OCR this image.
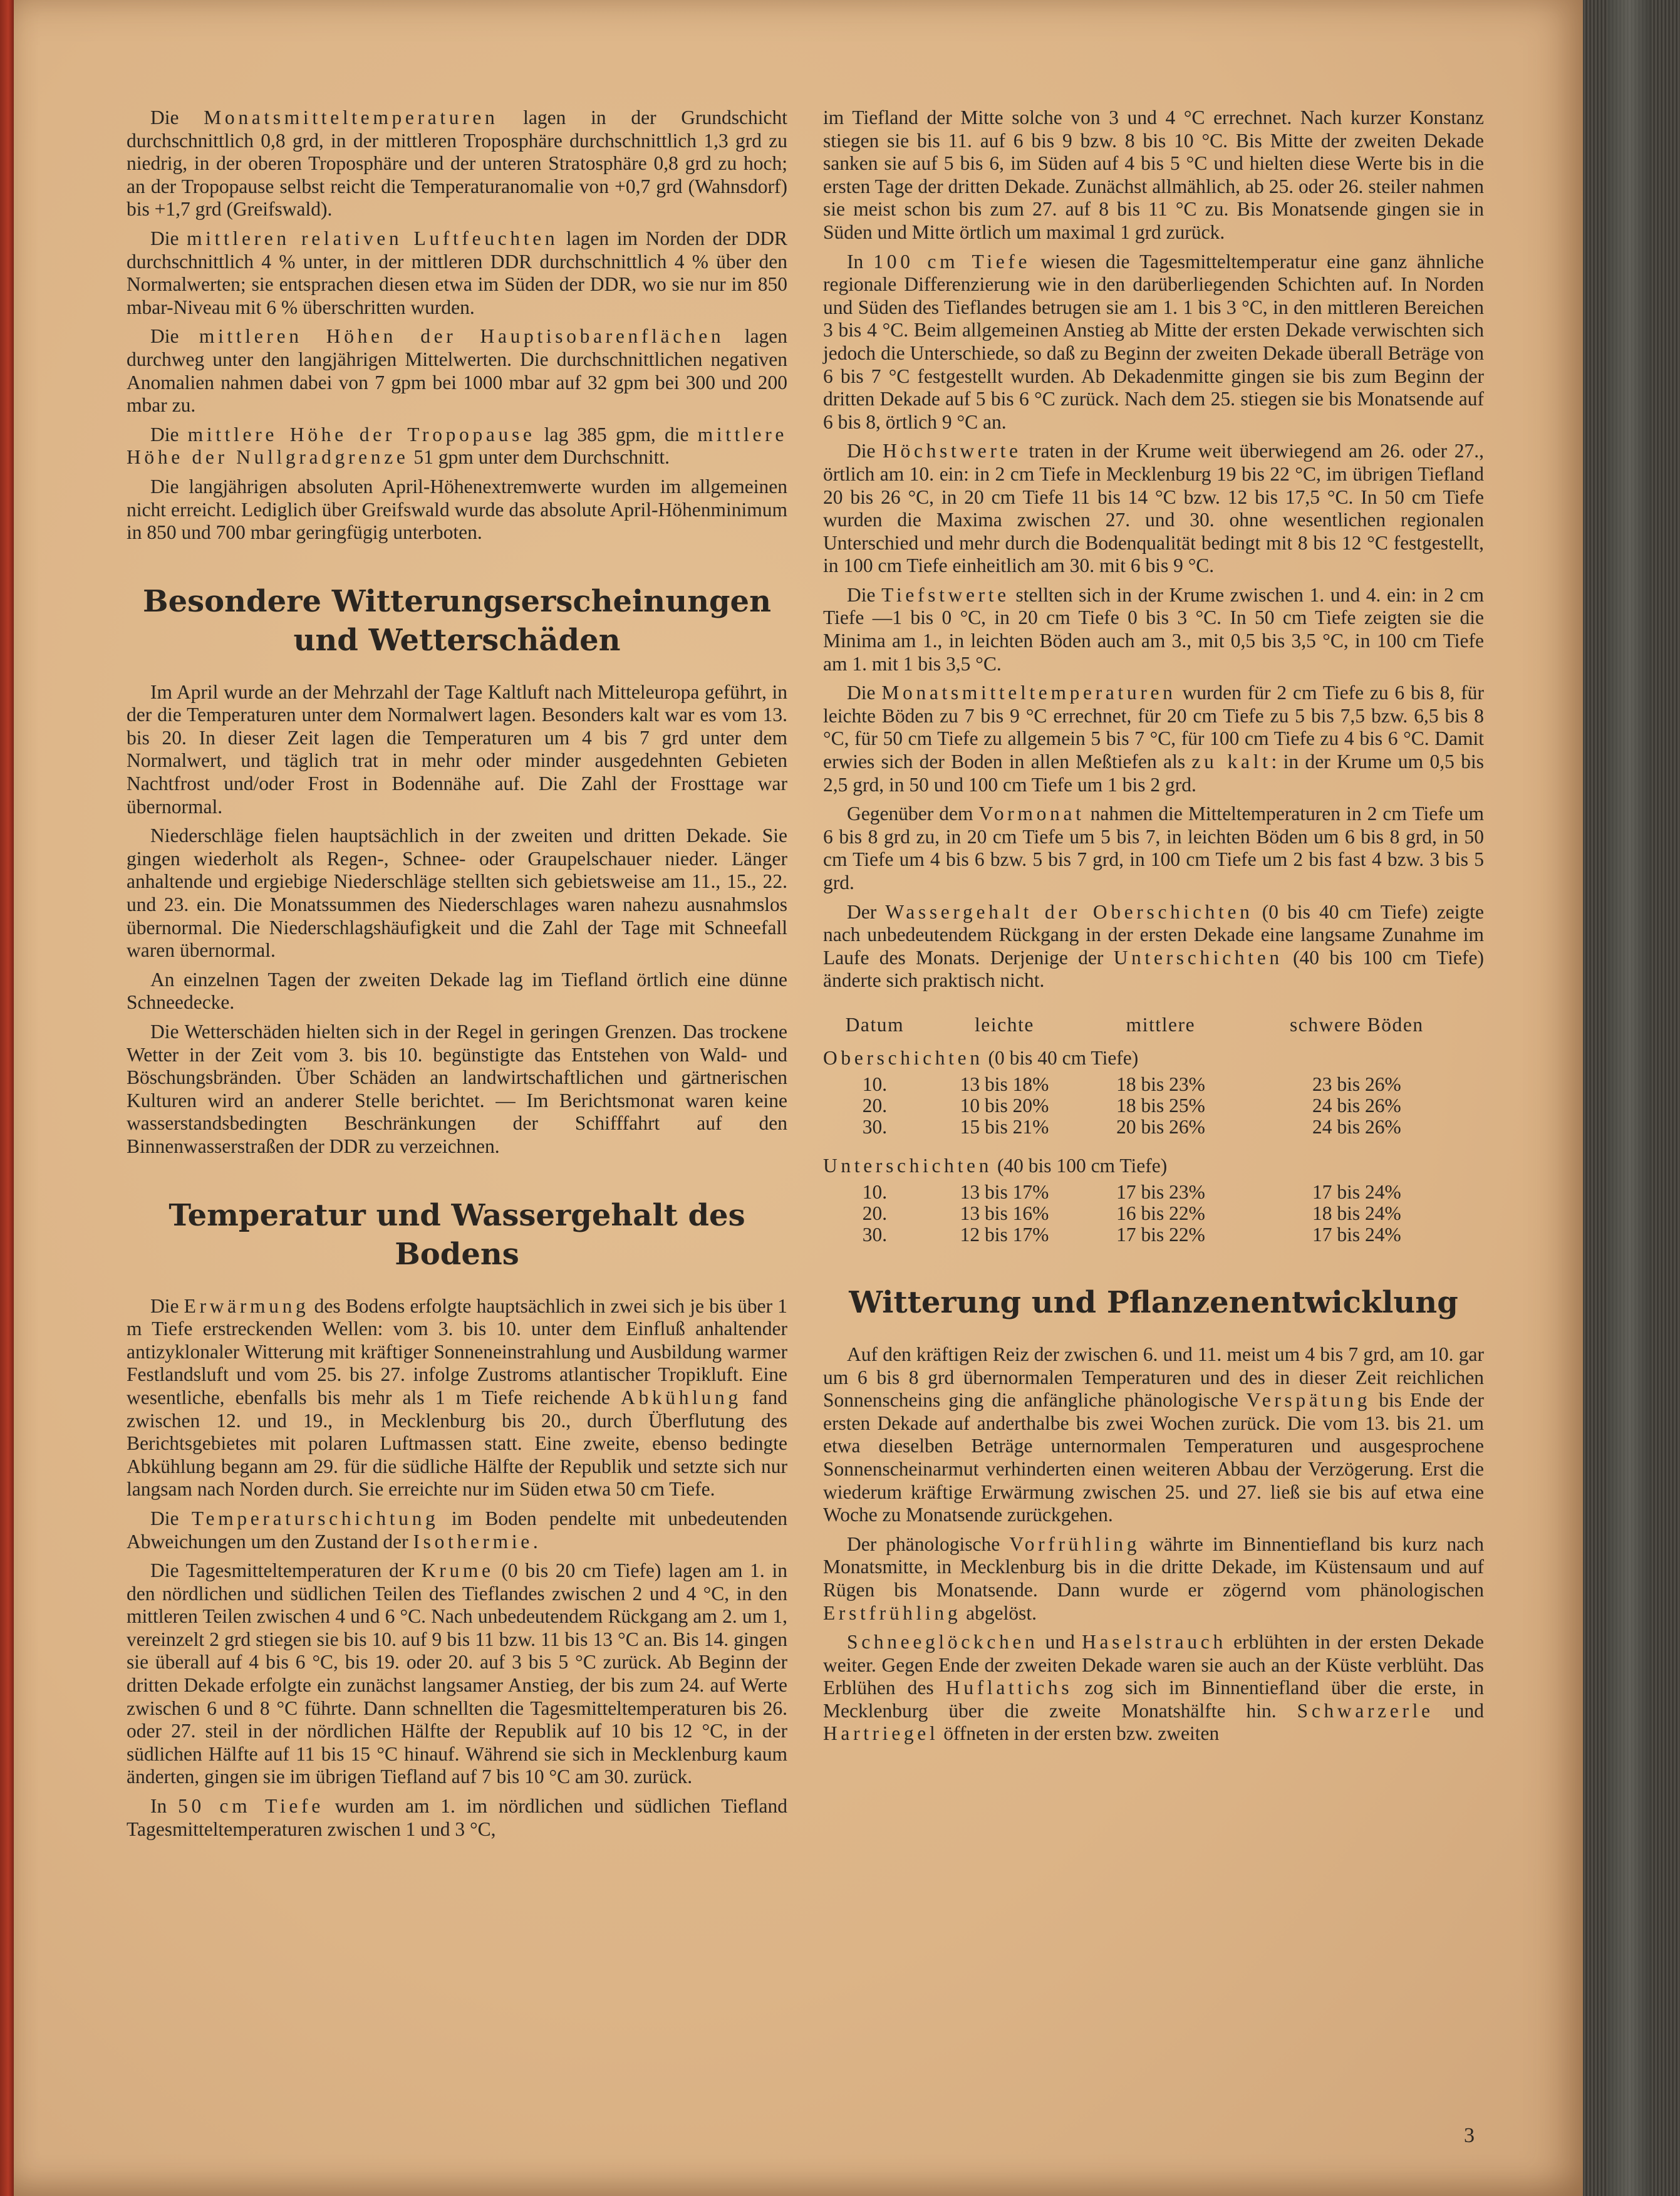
Die Monatsmitteltemperaturen lagen in der Grundschicht durchschnittlich 0,8 grd, in der mittleren Troposphäre durchschnittlich 1,3 grd zu niedrig, in der oberen Troposphäre und der unteren Stratosphäre 0,8 grd zu hoch; an der Tropopause selbst reicht die Temperaturanomalie von +0,7 grd (Wahnsdorf) bis +1,7 grd (Greifswald).

Die mittleren relativen Luftfeuchten lagen im Norden der DDR durchschnittlich 4 % unter, in der mittleren DDR durchschnittlich 4 % über den Normalwerten; sie entsprachen diesen etwa im Süden der DDR, wo sie nur im 850 mbar-Niveau mit 6 % überschritten wurden.

Die mittleren Höhen der Hauptisobarenflächen lagen durchweg unter den langjährigen Mittelwerten. Die durchschnittlichen negativen Anomalien nahmen dabei von 7 gpm bei 1000 mbar auf 32 gpm bei 300 und 200 mbar zu.

Die mittlere Höhe der Tropopause lag 385 gpm, die mittlere Höhe der Nullgradgrenze 51 gpm unter dem Durchschnitt.

Die langjährigen absoluten April-Höhenextremwerte wurden im allgemeinen nicht erreicht. Lediglich über Greifswald wurde das absolute April-Höhenminimum in 850 und 700 mbar geringfügig unterboten.

Besondere Witterungserscheinungen und Wetterschäden

Im April wurde an der Mehrzahl der Tage Kaltluft nach Mitteleuropa geführt, in der die Temperaturen unter dem Normalwert lagen. Besonders kalt war es vom 13. bis 20. In dieser Zeit lagen die Temperaturen um 4 bis 7 grd unter dem Normalwert, und täglich trat in mehr oder minder ausgedehnten Gebieten Nachtfrost und/oder Frost in Bodennähe auf. Die Zahl der Frosttage war übernormal.

Niederschläge fielen hauptsächlich in der zweiten und dritten Dekade. Sie gingen wiederholt als Regen-, Schnee- oder Graupelschauer nieder. Länger anhaltende und ergiebige Niederschläge stellten sich gebietsweise am 11., 15., 22. und 23. ein. Die Monatssummen des Niederschlages waren nahezu ausnahmslos übernormal. Die Niederschlagshäufigkeit und die Zahl der Tage mit Schneefall waren übernormal.

An einzelnen Tagen der zweiten Dekade lag im Tiefland örtlich eine dünne Schneedecke.

Die Wetterschäden hielten sich in der Regel in geringen Grenzen. Das trockene Wetter in der Zeit vom 3. bis 10. begünstigte das Entstehen von Wald- und Böschungsbränden. Über Schäden an landwirtschaftlichen und gärtnerischen Kulturen wird an anderer Stelle berichtet. — Im Berichtsmonat waren keine wasserstandsbedingten Beschränkungen der Schifffahrt auf den Binnenwasserstraßen der DDR zu verzeichnen.

Temperatur und Wassergehalt des Bodens

Die Erwärmung des Bodens erfolgte hauptsächlich in zwei sich je bis über 1 m Tiefe erstreckenden Wellen: vom 3. bis 10. unter dem Einfluß anhaltender antizyklonaler Witterung mit kräftiger Sonneneinstrahlung und Ausbildung warmer Festlandsluft und vom 25. bis 27. infolge Zustroms atlantischer Tropikluft. Eine wesentliche, ebenfalls bis mehr als 1 m Tiefe reichende Abkühlung fand zwischen 12. und 19., in Mecklenburg bis 20., durch Überflutung des Berichtsgebietes mit polaren Luftmassen statt. Eine zweite, ebenso bedingte Abkühlung begann am 29. für die südliche Hälfte der Republik und setzte sich nur langsam nach Norden durch. Sie erreichte nur im Süden etwa 50 cm Tiefe.

Die Temperaturschichtung im Boden pendelte mit unbedeutenden Abweichungen um den Zustand der Isothermie.

Die Tagesmitteltemperaturen der Krume (0 bis 20 cm Tiefe) lagen am 1. in den nördlichen und südlichen Teilen des Tieflandes zwischen 2 und 4 °C, in den mittleren Teilen zwischen 4 und 6 °C. Nach unbedeutendem Rückgang am 2. um 1, vereinzelt 2 grd stiegen sie bis 10. auf 9 bis 11 bzw. 11 bis 13 °C an. Bis 14. gingen sie überall auf 4 bis 6 °C, bis 19. oder 20. auf 3 bis 5 °C zurück. Ab Beginn der dritten Dekade erfolgte ein zunächst langsamer Anstieg, der bis zum 24. auf Werte zwischen 6 und 8 °C führte. Dann schnellten die Tagesmitteltemperaturen bis 26. oder 27. steil in der nördlichen Hälfte der Republik auf 10 bis 12 °C, in der südlichen Hälfte auf 11 bis 15 °C hinauf. Während sie sich in Mecklenburg kaum änderten, gingen sie im übrigen Tiefland auf 7 bis 10 °C am 30. zurück.

In 50 cm Tiefe wurden am 1. im nördlichen und südlichen Tiefland Tagesmitteltemperaturen zwischen 1 und 3 °C,

im Tiefland der Mitte solche von 3 und 4 °C errechnet. Nach kurzer Konstanz stiegen sie bis 11. auf 6 bis 9 bzw. 8 bis 10 °C. Bis Mitte der zweiten Dekade sanken sie auf 5 bis 6, im Süden auf 4 bis 5 °C und hielten diese Werte bis in die ersten Tage der dritten Dekade. Zunächst allmählich, ab 25. oder 26. steiler nahmen sie meist schon bis zum 27. auf 8 bis 11 °C zu. Bis Monatsende gingen sie in Süden und Mitte örtlich um maximal 1 grd zurück.

In 100 cm Tiefe wiesen die Tagesmitteltemperatur eine ganz ähnliche regionale Differenzierung wie in den darüberliegenden Schichten auf. In Norden und Süden des Tieflandes betrugen sie am 1. 1 bis 3 °C, in den mittleren Bereichen 3 bis 4 °C. Beim allgemeinen Anstieg ab Mitte der ersten Dekade verwischten sich jedoch die Unterschiede, so daß zu Beginn der zweiten Dekade überall Beträge von 6 bis 7 °C festgestellt wurden. Ab Dekadenmitte gingen sie bis zum Beginn der dritten Dekade auf 5 bis 6 °C zurück. Nach dem 25. stiegen sie bis Monatsende auf 6 bis 8, örtlich 9 °C an.

Die Höchstwerte traten in der Krume weit überwiegend am 26. oder 27., örtlich am 10. ein: in 2 cm Tiefe in Mecklenburg 19 bis 22 °C, im übrigen Tiefland 20 bis 26 °C, in 20 cm Tiefe 11 bis 14 °C bzw. 12 bis 17,5 °C. In 50 cm Tiefe wurden die Maxima zwischen 27. und 30. ohne wesentlichen regionalen Unterschied und mehr durch die Bodenqualität bedingt mit 8 bis 12 °C festgestellt, in 100 cm Tiefe einheitlich am 30. mit 6 bis 9 °C.

Die Tiefstwerte stellten sich in der Krume zwischen 1. und 4. ein: in 2 cm Tiefe —1 bis 0 °C, in 20 cm Tiefe 0 bis 3 °C. In 50 cm Tiefe zeigten sie die Minima am 1., in leichten Böden auch am 3., mit 0,5 bis 3,5 °C, in 100 cm Tiefe am 1. mit 1 bis 3,5 °C.

Die Monatsmitteltemperaturen wurden für 2 cm Tiefe zu 6 bis 8, für leichte Böden zu 7 bis 9 °C errechnet, für 20 cm Tiefe zu 5 bis 7,5 bzw. 6,5 bis 8 °C, für 50 cm Tiefe zu allgemein 5 bis 7 °C, für 100 cm Tiefe zu 4 bis 6 °C. Damit erwies sich der Boden in allen Meßtiefen als zu kalt: in der Krume um 0,5 bis 2,5 grd, in 50 und 100 cm Tiefe um 1 bis 2 grd.

Gegenüber dem Vormonat nahmen die Mitteltemperaturen in 2 cm Tiefe um 6 bis 8 grd zu, in 20 cm Tiefe um 5 bis 7, in leichten Böden um 6 bis 8 grd, in 50 cm Tiefe um 4 bis 6 bzw. 5 bis 7 grd, in 100 cm Tiefe um 2 bis fast 4 bzw. 3 bis 5 grd.

Der Wassergehalt der Oberschichten (0 bis 40 cm Tiefe) zeigte nach unbedeutendem Rückgang in der ersten Dekade eine langsame Zunahme im Laufe des Monats. Derjenige der Unterschichten (40 bis 100 cm Tiefe) änderte sich praktisch nicht.

Datum	leichte	mittlere	schwere Böden
Oberschichten (0 bis 40 cm Tiefe)			
10.	13 bis 18%	18 bis 23%	23 bis 26%
20.	10 bis 20%	18 bis 25%	24 bis 26%
30.	15 bis 21%	20 bis 26%	24 bis 26%
Unterschichten (40 bis 100 cm Tiefe)			
10.	13 bis 17%	17 bis 23%	17 bis 24%
20.	13 bis 16%	16 bis 22%	18 bis 24%
30.	12 bis 17%	17 bis 22%	17 bis 24%
Witterung und Pflanzenentwicklung

Auf den kräftigen Reiz der zwischen 6. und 11. meist um 4 bis 7 grd, am 10. gar um 6 bis 8 grd übernormalen Temperaturen und des in dieser Zeit reichlichen Sonnenscheins ging die anfängliche phänologische Verspätung bis Ende der ersten Dekade auf anderthalbe bis zwei Wochen zurück. Die vom 13. bis 21. um etwa dieselben Beträge unternormalen Temperaturen und ausgesprochene Sonnenscheinarmut verhinderten einen weiteren Abbau der Verzögerung. Erst die wiederum kräftige Erwärmung zwischen 25. und 27. ließ sie bis auf etwa eine Woche zu Monatsende zurückgehen.

Der phänologische Vorfrühling währte im Binnentiefland bis kurz nach Monatsmitte, in Mecklenburg bis in die dritte Dekade, im Küstensaum und auf Rügen bis Monatsende. Dann wurde er zögernd vom phänologischen Erstfrühling abgelöst.

Schneeglöckchen und Haselstrauch erblühten in der ersten Dekade weiter. Gegen Ende der zweiten Dekade waren sie auch an der Küste verblüht. Das Erblühen des Huflattichs zog sich im Binnentiefland über die erste, in Mecklenburg über die zweite Monatshälfte hin. Schwarzerle und Hartriegel öffneten in der ersten bzw. zweiten

3
